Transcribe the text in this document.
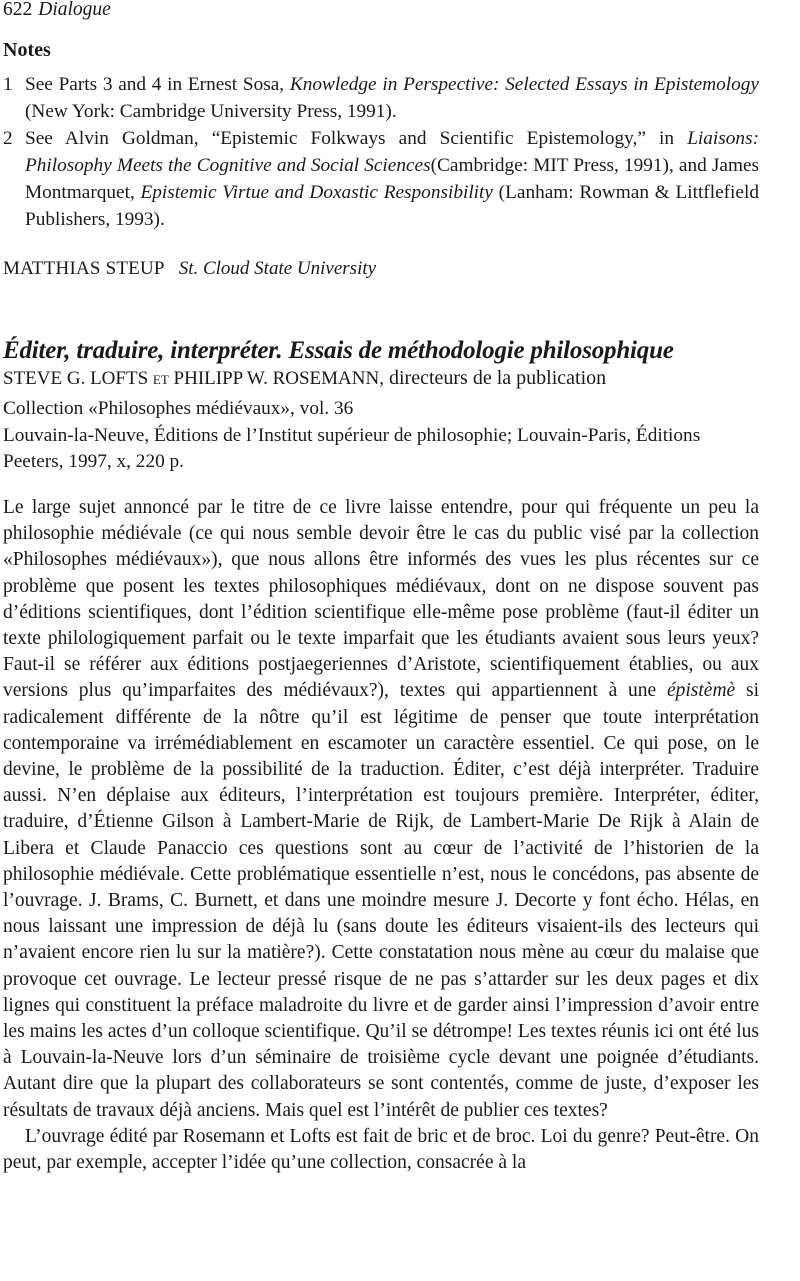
622 Dialogue
Notes
1 See Parts 3 and 4 in Ernest Sosa, Knowledge in Perspective: Selected Essays in Epistemology (New York: Cambridge University Press, 1991).
2 See Alvin Goldman, “Epistemic Folkways and Scientific Epistemology,” in Liaisons: Philosophy Meets the Cognitive and Social Sciences(Cambridge: MIT Press, 1991), and James Montmarquet, Epistemic Virtue and Doxastic Responsibility (Lanham: Rowman & Littflefield Publishers, 1993).
MATTHIAS STEUP St. Cloud State University
Éditer, traduire, interpréter. Essais de méthodologie philosophique
STEVE G. LOFTS et PHILIPP W. ROSEMANN, directeurs de la publication
Collection «Philosophes médiévaux», vol. 36
Louvain-la-Neuve, Éditions de l’Institut supérieur de philosophie; Louvain-Paris, Éditions Peeters, 1997, x, 220 p.

Le large sujet annoncé par le titre de ce livre laisse entendre, pour qui fréquente un peu la philosophie médiévale (ce qui nous semble devoir être le cas du public visé par la collection «Philosophes médiévaux»), que nous allons être informés des vues les plus récentes sur ce problème que posent les textes philosophiques médiévaux, dont on ne dispose souvent pas d’éditions scientifiques, dont l’édition scientifique elle-même pose problème (faut-il éditer un texte philologiquement parfait ou le texte imparfait que les étudiants avaient sous leurs yeux? Faut-il se référer aux éditions postjaegeriennes d’Aristote, scientifiquement établies, ou aux versions plus qu’imparfaites des médiévaux?), textes qui appartiennent à une épistèmè si radicalement différente de la nôtre qu’il est légitime de penser que toute interprétation contemporaine va irrémédiablement en escamoter un caractère essentiel. Ce qui pose, on le devine, le problème de la possibilité de la traduction. Éditer, c’est déjà interpréter. Traduire aussi. N’en déplaise aux éditeurs, l’interprétation est toujours première. Interpréter, éditer, traduire, d’Étienne Gilson à Lambert-Marie de Rijk, de Lambert-Marie De Rijk à Alain de Libera et Claude Panaccio ces questions sont au cœur de l’activité de l’historien de la philosophie médiévale. Cette problématique essentielle n’est, nous le concédons, pas absente de l’ouvrage. J. Brams, C. Burnett, et dans une moindre mesure J. Decorte y font écho. Hélas, en nous laissant une impression de déjà lu (sans doute les éditeurs visaient-ils des lecteurs qui n’avaient encore rien lu sur la matière?). Cette constatation nous mène au cœur du malaise que provoque cet ouvrage. Le lecteur pressé risque de ne pas s’attarder sur les deux pages et dix lignes qui constituent la préface maladroite du livre et de garder ainsi l’impression d’avoir entre les mains les actes d’un colloque scientifique. Qu’il se détrompe! Les textes réunis ici ont été lus à Louvain-la-Neuve lors d’un séminaire de troisième cycle devant une poignée d’étudiants. Autant dire que la plupart des collaborateurs se sont contentés, comme de juste, d’exposer les résultats de travaux déjà anciens. Mais quel est l’intérêt de publier ces textes?

L’ouvrage édité par Rosemann et Lofts est fait de bric et de broc. Loi du genre? Peut-être. On peut, par exemple, accepter l’idée qu’une collection, consacrée à la
